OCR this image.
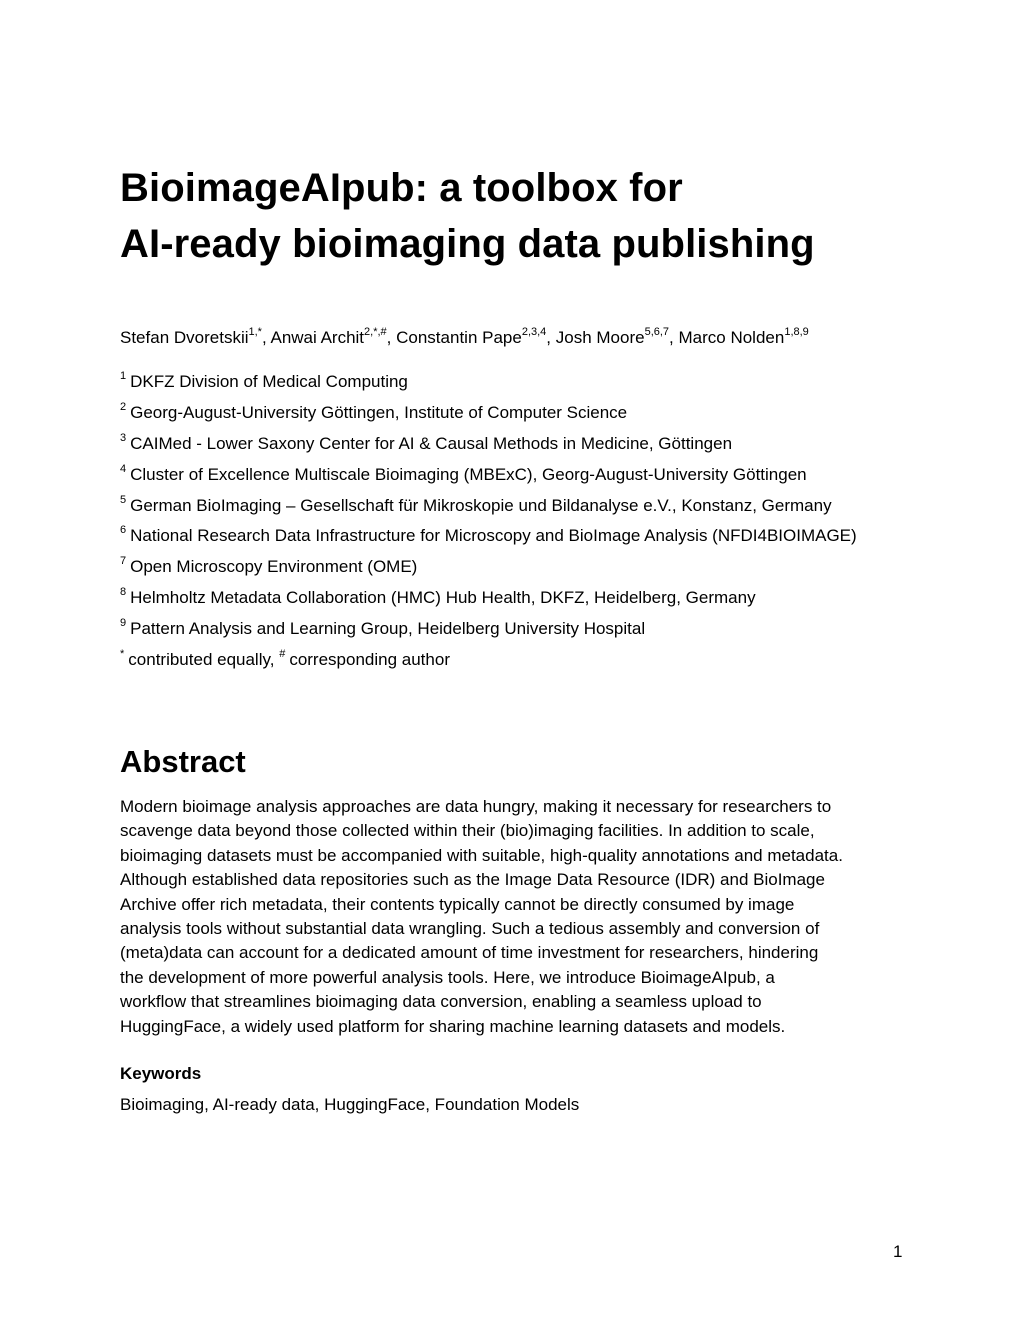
BioimageAIpub: a toolbox for
AI-ready bioimaging data publishing
Stefan Dvoretskii$^{1,*}$, Anwai Archit$^{2,*,\#}$, Constantin Pape$^{2,3,4}$, Josh Moore$^{5,6,7}$, Marco Nolden$^{1,8,9}$

$^1$ DKFZ Division of Medical Computing

$^2$ Georg-August-University Göttingen, Institute of Computer Science

$^3$ CAIMed - Lower Saxony Center for AI & Causal Methods in Medicine, Göttingen

$^4$ Cluster of Excellence Multiscale Bioimaging (MBExC), Georg-August-University Göttingen

$^5$ German BioImaging – Gesellschaft für Mikroskopie und Bildanalyse e.V., Konstanz, Germany

$^6$ National Research Data Infrastructure for Microscopy and BioImage Analysis (NFDI4BIOIMAGE)

$^7$ Open Microscopy Environment (OME)

$^8$ Helmholtz Metadata Collaboration (HMC) Hub Health, DKFZ, Heidelberg, Germany

$^9$ Pattern Analysis and Learning Group, Heidelberg University Hospital

* contributed equally, # corresponding author

Abstract

Modern bioimage analysis approaches are data hungry, making it necessary for researchers to
scavenge data beyond those collected within their (bio)imaging facilities. In addition to scale,
bioimaging datasets must be accompanied with suitable, high-quality annotations and metadata.
Although established data repositories such as the Image Data Resource (IDR) and BioImage
Archive offer rich metadata, their contents typically cannot be directly consumed by image
analysis tools without substantial data wrangling. Such a tedious assembly and conversion of
(meta)data can account for a dedicated amount of time investment for researchers, hindering
the development of more powerful analysis tools. Here, we introduce BioimageAIpub, a
workflow that streamlines bioimaging data conversion, enabling a seamless upload to
HuggingFace, a widely used platform for sharing machine learning datasets and models.

Keywords

Bioimaging, AI-ready data, HuggingFace, Foundation Models

1
